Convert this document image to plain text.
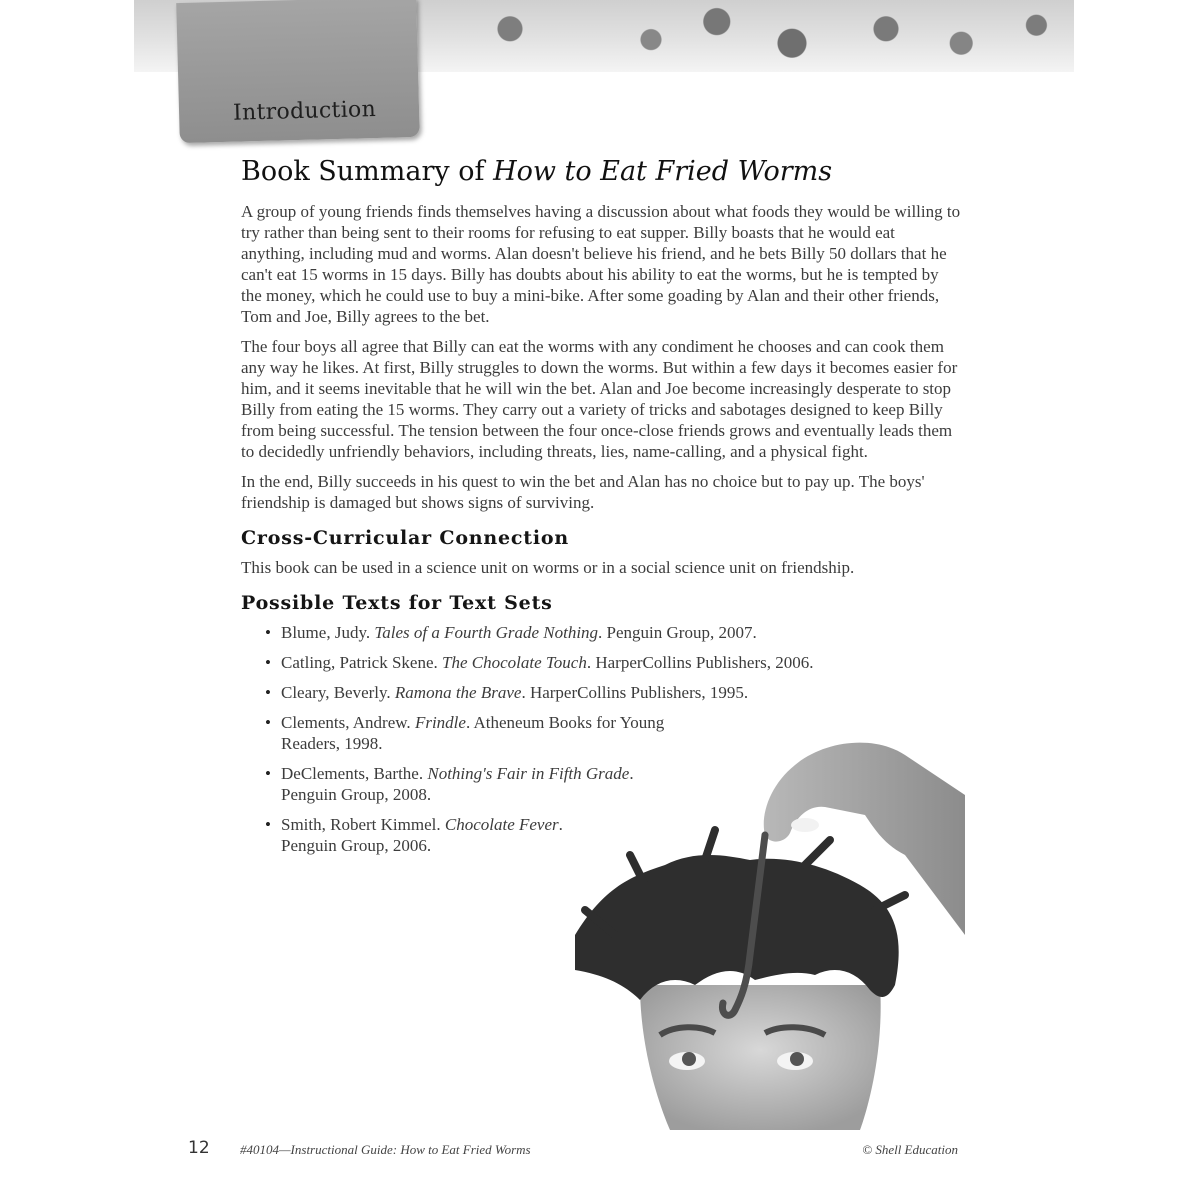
Introduction
Book Summary of How to Eat Fried Worms

A group of young friends finds themselves having a discussion about what foods they would be willing to try rather than being sent to their rooms for refusing to eat supper. Billy boasts that he would eat anything, including mud and worms. Alan doesn't believe his friend, and he bets Billy 50 dollars that he can't eat 15 worms in 15 days. Billy has doubts about his ability to eat the worms, but he is tempted by the money, which he could use to buy a mini-bike. After some goading by Alan and their other friends, Tom and Joe, Billy agrees to the bet.

The four boys all agree that Billy can eat the worms with any condiment he chooses and can cook them any way he likes. At first, Billy struggles to down the worms. But within a few days it becomes easier for him, and it seems inevitable that he will win the bet. Alan and Joe become increasingly desperate to stop Billy from eating the 15 worms. They carry out a variety of tricks and sabotages designed to keep Billy from being successful. The tension between the four once-close friends grows and eventually leads them to decidedly unfriendly behaviors, including threats, lies, name-calling, and a physical fight.

In the end, Billy succeeds in his quest to win the bet and Alan has no choice but to pay up. The boys' friendship is damaged but shows signs of surviving.

Cross-Curricular Connection

This book can be used in a science unit on worms or in a social science unit on friendship.

Possible Texts for Text Sets
• Blume, Judy. Tales of a Fourth Grade Nothing. Penguin Group, 2007.
• Catling, Patrick Skene. The Chocolate Touch. HarperCollins Publishers, 2006.
• Cleary, Beverly. Ramona the Brave. HarperCollins Publishers, 1995.
• Clements, Andrew. Frindle. Atheneum Books for Young Readers, 1998.
• DeClements, Barthe. Nothing's Fair in Fifth Grade. Penguin Group, 2008.
• Smith, Robert Kimmel. Chocolate Fever. Penguin Group, 2006.
12 #40104—Instructional Guide: How to Eat Fried Worms	© Shell Education
